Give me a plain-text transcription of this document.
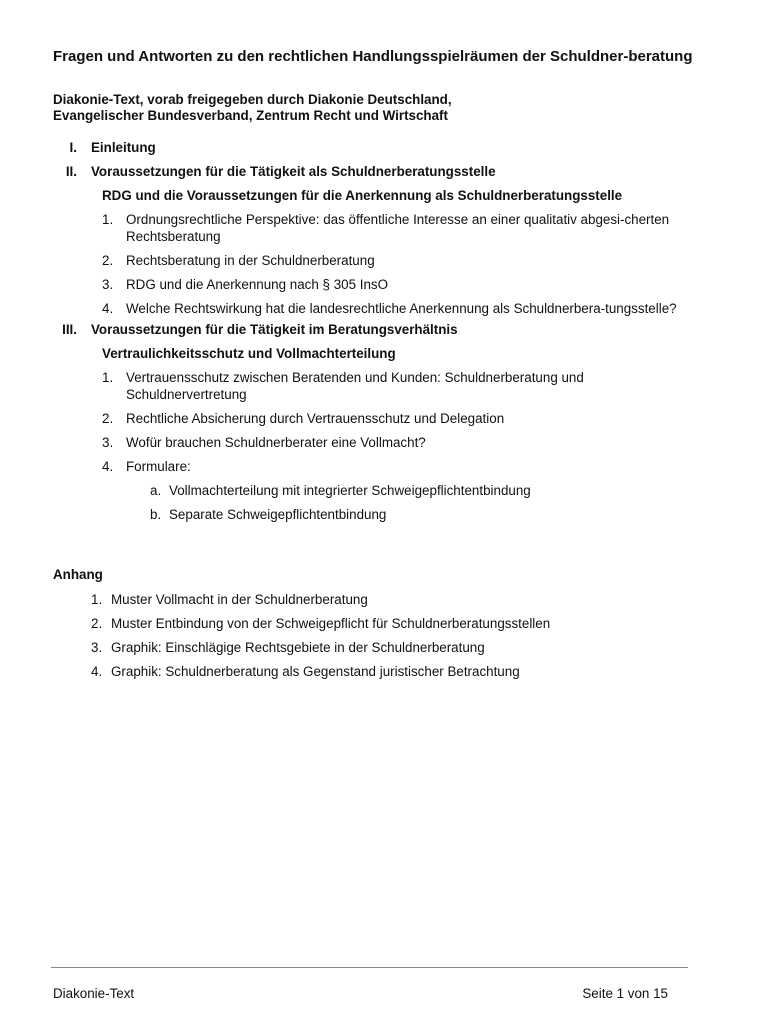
Fragen und Antworten zu den rechtlichen Handlungsspielräumen der Schuldner-beratung
Diakonie-Text, vorab freigegeben durch Diakonie Deutschland,
Evangelischer Bundesverband, Zentrum Recht und Wirtschaft
I. Einleitung
II. Voraussetzungen für die Tätigkeit als Schuldnerberatungsstelle
RDG und die Voraussetzungen für die Anerkennung als Schuldnerberatungsstelle
1. Ordnungsrechtliche Perspektive: das öffentliche Interesse an einer qualitativ abgesi-cherten Rechtsberatung
2. Rechtsberatung in der Schuldnerberatung
3. RDG und die Anerkennung nach § 305 InsO
4. Welche Rechtswirkung hat die landesrechtliche Anerkennung als Schuldnerbera-tungsstelle?
III. Voraussetzungen für die Tätigkeit im Beratungsverhältnis
Vertraulichkeitsschutz und Vollmachterteilung
1. Vertrauensschutz zwischen Beratenden und Kunden: Schuldnerberatung und Schuldnervertretung
2. Rechtliche Absicherung durch Vertrauensschutz und Delegation
3. Wofür brauchen Schuldnerberater eine Vollmacht?
4. Formulare:
a. Vollmachterteilung mit integrierter Schweigepflichtentbindung
b. Separate Schweigepflichtentbindung
Anhang
1. Muster Vollmacht in der Schuldnerberatung
2. Muster Entbindung von der Schweigepflicht für Schuldnerberatungsstellen
3. Graphik: Einschlägige Rechtsgebiete in der Schuldnerberatung
4. Graphik: Schuldnerberatung als Gegenstand juristischer Betrachtung
Diakonie-Text	Seite 1 von 15
